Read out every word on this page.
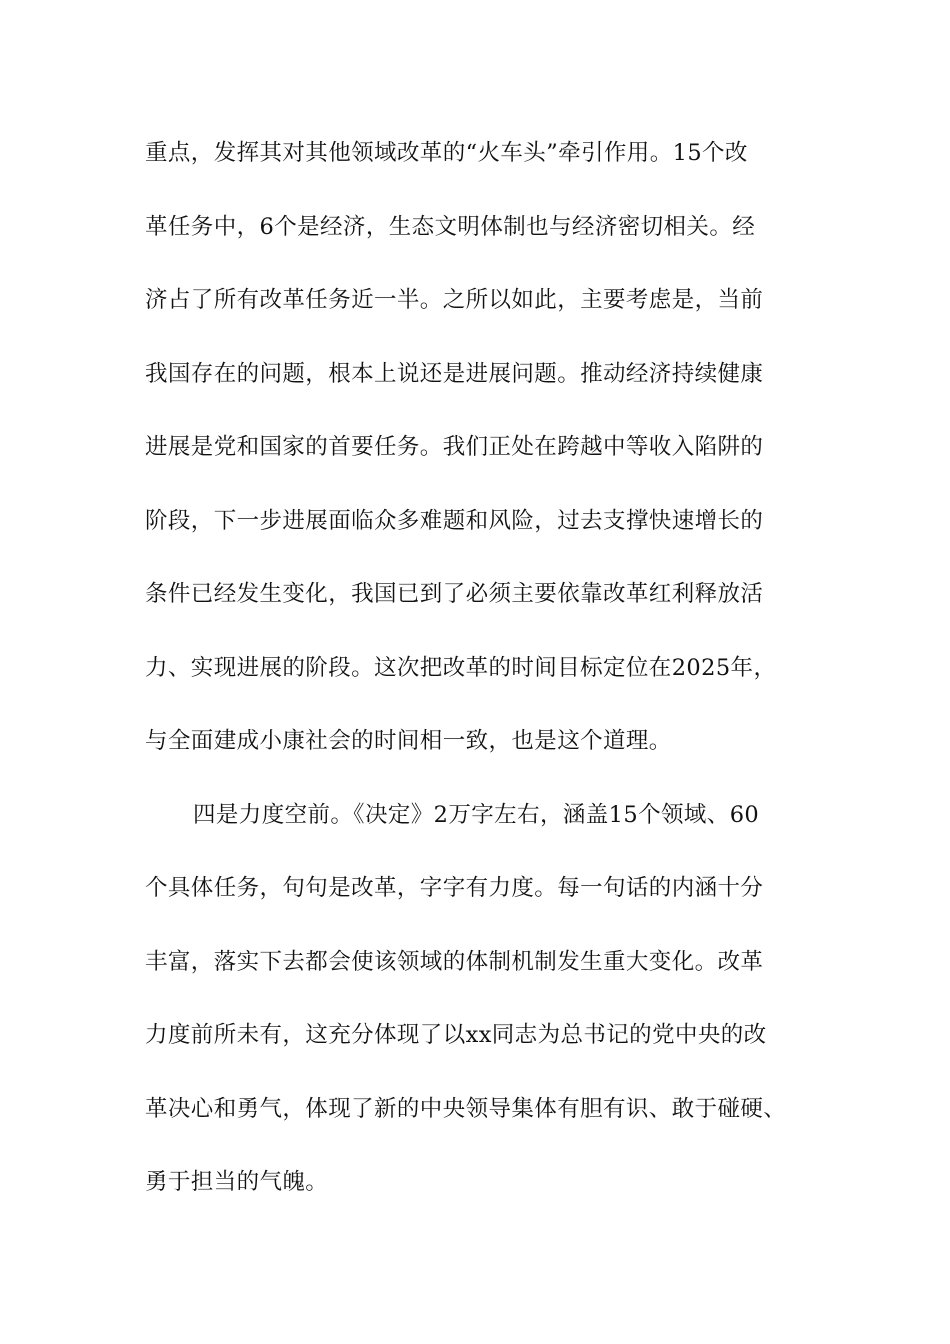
重点，发挥其对其他领域改革的“火车头”牵引作用。15个改
革任务中，6个是经济，生态文明体制也与经济密切相关。经
济占了所有改革任务近一半。之所以如此，主要考虑是，当前
我国存在的问题，根本上说还是进展问题。推动经济持续健康
进展是党和国家的首要任务。我们正处在跨越中等收入陷阱的
阶段，下一步进展面临众多难题和风险，过去支撑快速增长的
条件已经发生变化，我国已到了必须主要依靠改革红利释放活
力、实现进展的阶段。这次把改革的时间目标定位在2025年，
与全面建成小康社会的时间相一致，也是这个道理。
四是力度空前。《决定》2万字左右，涵盖15个领域、60
个具体任务，句句是改革，字字有力度。每一句话的内涵十分
丰富，落实下去都会使该领域的体制机制发生重大变化。改革
力度前所未有，这充分体现了以xx同志为总书记的党中央的改
革决心和勇气，体现了新的中央领导集体有胆有识、敢于碰硬、
勇于担当的气魄。
